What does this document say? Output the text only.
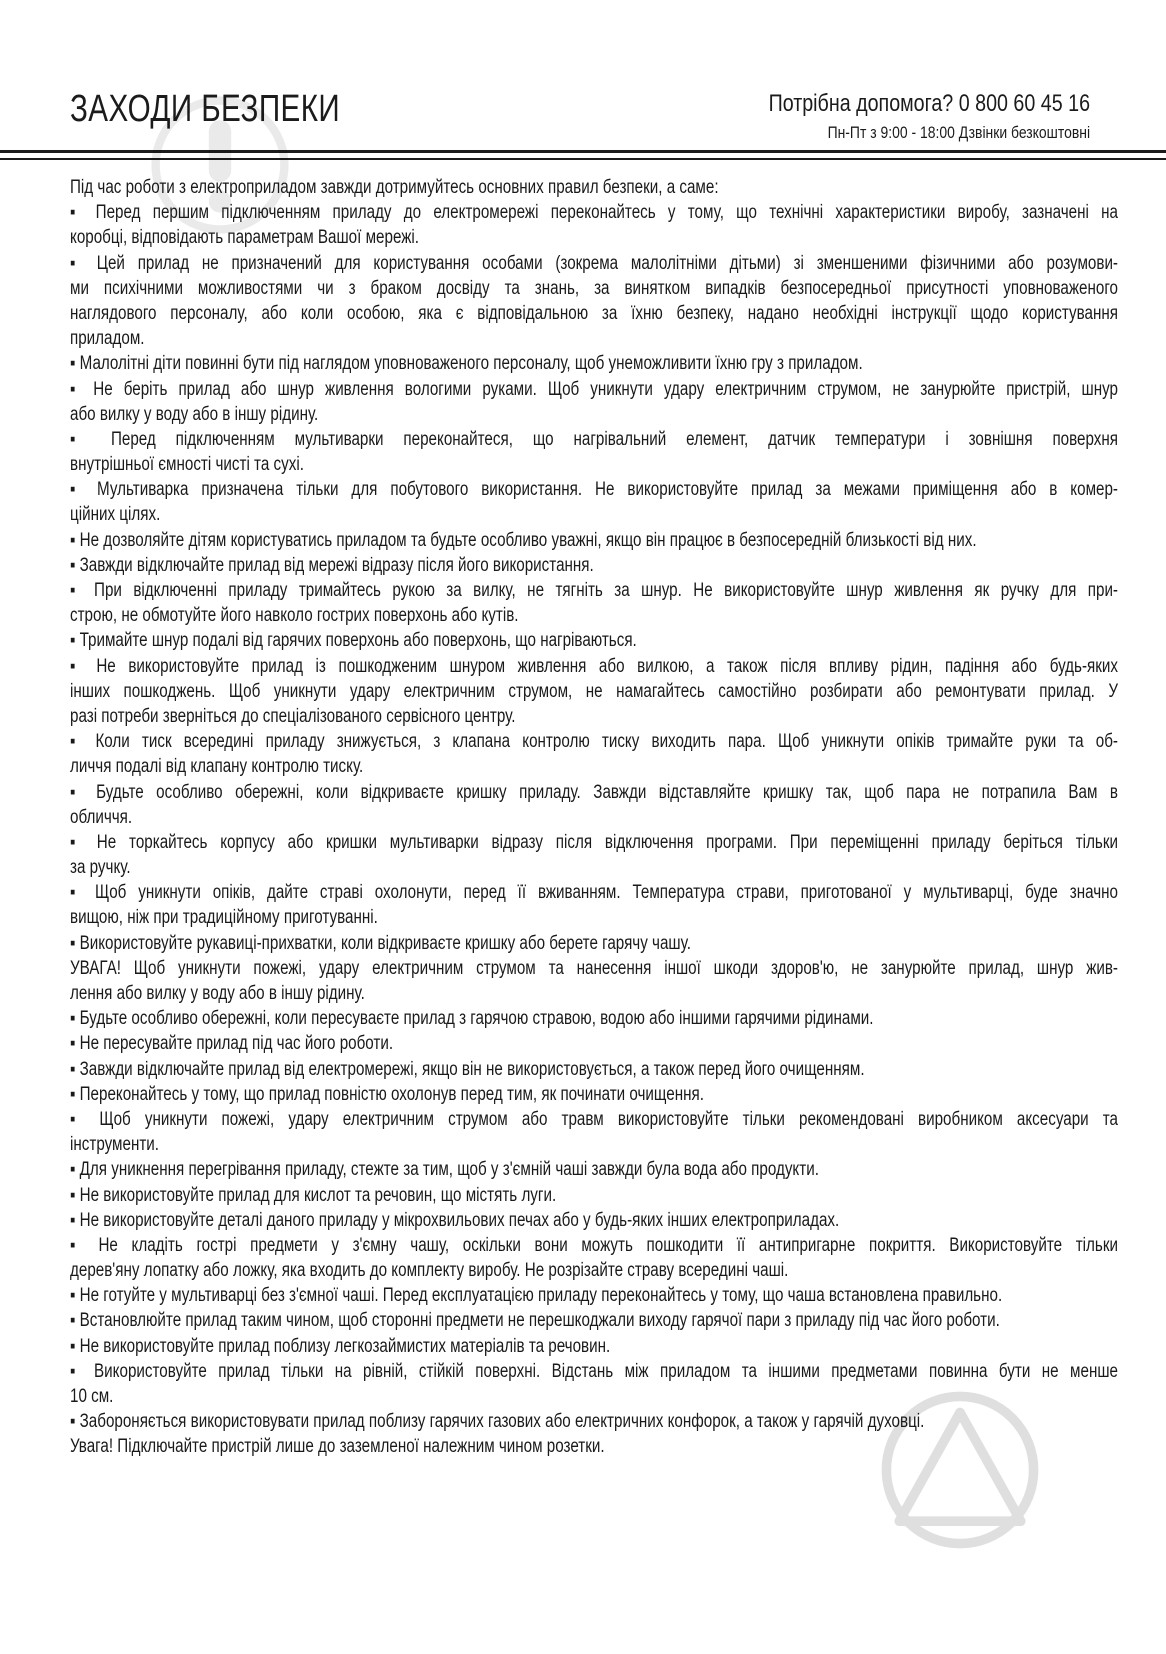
ЗАХОДИ БЕЗПЕКИ	Потрібна допомога? 0 800 60 45 16
Пн-Пт з 9:00 - 18:00 Дзвінки безкоштовні
Під час роботи з електроприладом завжди дотримуйтесь основних правил безпеки, а саме:
▪ Перед першим підключенням приладу до електромережі переконайтесь у тому, що технічні характеристики виробу, зазначені на
коробці, відповідають параметрам Вашої мережі.
▪ Цей прилад не призначений для користування особами (зокрема малолітніми дітьми) зі зменшеними фізичними або розумови-
ми психічними можливостями чи з браком досвіду та знань, за винятком випадків безпосередньої присутності уповноваженого
наглядового персоналу, або коли особою, яка є відповідальною за їхню безпеку, надано необхідні інструкції щодо користування
приладом.
▪ Малолітні діти повинні бути під наглядом уповноваженого персоналу, щоб унеможливити їхню гру з приладом.
▪ Не беріть прилад або шнур живлення вологими руками. Щоб уникнути удару електричним струмом, не занурюйте пристрій, шнур
або вилку у воду або в іншу рідину.
▪ Перед підключенням мультиварки переконайтеся, що нагрівальний елемент, датчик температури і зовнішня поверхня
внутрішньої ємності чисті та сухі.
▪ Мультиварка призначена тільки для побутового використання. Не використовуйте прилад за межами приміщення або в комер-
ційних цілях.
▪ Не дозволяйте дітям користуватись приладом та будьте особливо уважні, якщо він працює в безпосередній близькості від них.
▪ Завжди відключайте прилад від мережі відразу після його використання.
▪ При відключенні приладу тримайтесь рукою за вилку, не тягніть за шнур. Не використовуйте шнур живлення як ручку для при-
строю, не обмотуйте його навколо гострих поверхонь або кутів.
▪ Тримайте шнур подалі від гарячих поверхонь або поверхонь, що нагріваються.
▪ Не використовуйте прилад із пошкодженим шнуром живлення або вилкою, а також після впливу рідин, падіння або будь-яких
інших пошкоджень. Щоб уникнути удару електричним струмом, не намагайтесь самостійно розбирати або ремонтувати прилад. У
разі потреби зверніться до спеціалізованого сервісного центру.
▪ Коли тиск всередині приладу знижується, з клапана контролю тиску виходить пара. Щоб уникнути опіків тримайте руки та об-
личчя подалі від клапану контролю тиску.
▪ Будьте особливо обережні, коли відкриваєте кришку приладу. Завжди відставляйте кришку так, щоб пара не потрапила Вам в
обличчя.
▪ Не торкайтесь корпусу або кришки мультиварки відразу після відключення програми. При переміщенні приладу беріться тільки
за ручку.
▪ Щоб уникнути опіків, дайте страві охолонути, перед її вживанням. Температура страви, приготованої у мультиварці, буде значно
вищою, ніж при традиційному приготуванні.
▪ Використовуйте рукавиці-прихватки, коли відкриваєте кришку або берете гарячу чашу.
УВАГА! Щоб уникнути пожежі, удару електричним струмом та нанесення іншої шкоди здоров'ю, не занурюйте прилад, шнур жив-
лення або вилку у воду або в іншу рідину.
▪ Будьте особливо обережні, коли пересуваєте прилад з гарячою стравою, водою або іншими гарячими рідинами.
▪ Не пересувайте прилад під час його роботи.
▪ Завжди відключайте прилад від електромережі, якщо він не використовується, а також перед його очищенням.
▪ Переконайтесь у тому, що прилад повністю охолонув перед тим, як починати очищення.
▪ Щоб уникнути пожежі, удару електричним струмом або травм використовуйте тільки рекомендовані виробником аксесуари та
інструменти.
▪ Для уникнення перегрівання приладу, стежте за тим, щоб у з'ємній чаші завжди була вода або продукти.
▪ Не використовуйте прилад для кислот та речовин, що містять луги.
▪ Не використовуйте деталі даного приладу у мікрохвильових печах або у будь-яких інших електроприладах.
▪ Не кладіть гострі предмети у з'ємну чашу, оскільки вони можуть пошкодити її антипригарне покриття. Використовуйте тільки
дерев'яну лопатку або ложку, яка входить до комплекту виробу. Не розрізайте страву всередині чаші.
▪ Не готуйте у мультиварці без з'ємної чаші. Перед експлуатацією приладу переконайтесь у тому, що чаша встановлена правильно.
▪ Встановлюйте прилад таким чином, щоб сторонні предмети не перешкоджали виходу гарячої пари з приладу під час його роботи.
▪ Не використовуйте прилад поблизу легкозаймистих матеріалів та речовин.
▪ Використовуйте прилад тільки на рівній, стійкій поверхні. Відстань між приладом та іншими предметами повинна бути не менше
10 см.
▪ Забороняється використовувати прилад поблизу гарячих газових або електричних конфорок, а також у гарячій духовці.
Увага! Підключайте пристрій лише до заземленої належним чином розетки.
